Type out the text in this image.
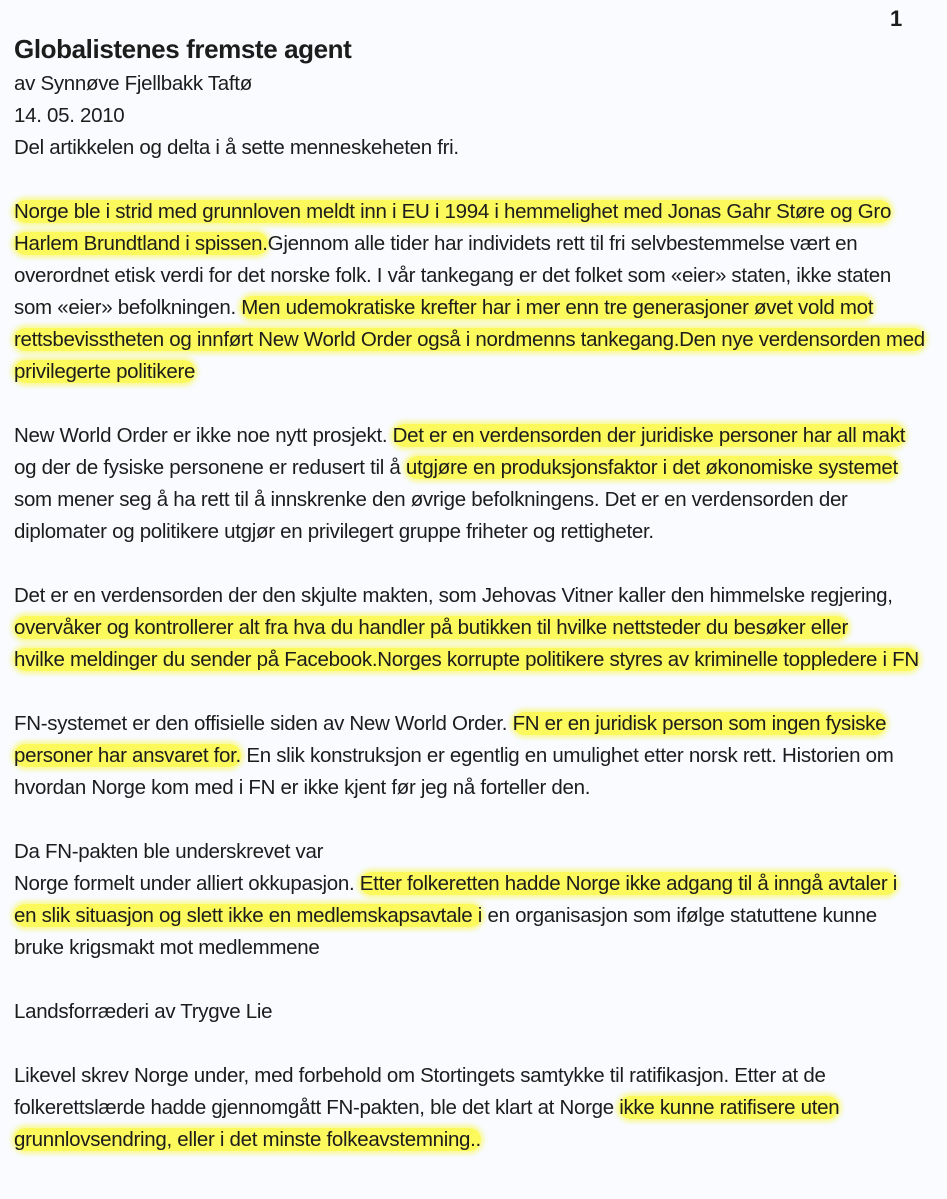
1
Globalistenes fremste agent
av Synnøve Fjellbakk Taftø
14. 05. 2010
Del artikkelen og delta i å sette menneskeheten fri.
Norge ble i strid med grunnloven meldt inn i EU i 1994 i hemmelighet med Jonas Gahr Støre og Gro
Harlem Brundtland i spissen.Gjennom alle tider har individets rett til fri selvbestemmelse vært en
overordnet etisk verdi for det norske folk. I vår tankegang er det folket som «eier» staten, ikke staten
som «eier» befolkningen. Men udemokratiske krefter har i mer enn tre generasjoner øvet vold mot
rettsbevisstheten og innført New World Order også i nordmenns tankegang.Den nye verdensorden med
privilegerte politikere
New World Order er ikke noe nytt prosjekt. Det er en verdensorden der juridiske personer har all makt
og der de fysiske personene er redusert til å utgjøre en produksjonsfaktor i det økonomiske systemet
som mener seg å ha rett til å innskrenke den øvrige befolkningens. Det er en verdensorden der
diplomater og politikere utgjør en privilegert gruppe friheter og rettigheter.
Det er en verdensorden der den skjulte makten, som Jehovas Vitner kaller den himmelske regjering,
overvåker og kontrollerer alt fra hva du handler på butikken til hvilke nettsteder du besøker eller
hvilke meldinger du sender på Facebook.Norges korrupte politikere styres av kriminelle toppledere i FN
FN-systemet er den offisielle siden av New World Order. FN er en juridisk person som ingen fysiske
personer har ansvaret for. En slik konstruksjon er egentlig en umulighet etter norsk rett. Historien om
hvordan Norge kom med i FN er ikke kjent før jeg nå forteller den.
Da FN-pakten ble underskrevet var
Norge formelt under alliert okkupasjon. Etter folkeretten hadde Norge ikke adgang til å inngå avtaler i
en slik situasjon og slett ikke en medlemskapsavtale i en organisasjon som ifølge statuttene kunne
bruke krigsmakt mot medlemmene
Landsforræderi av Trygve Lie
Likevel skrev Norge under, med forbehold om Stortingets samtykke til ratifikasjon. Etter at de
folkerettslærde hadde gjennomgått FN-pakten, ble det klart at Norge ikke kunne ratifisere uten
grunnlovsendring, eller i det minste folkeavstemning..
